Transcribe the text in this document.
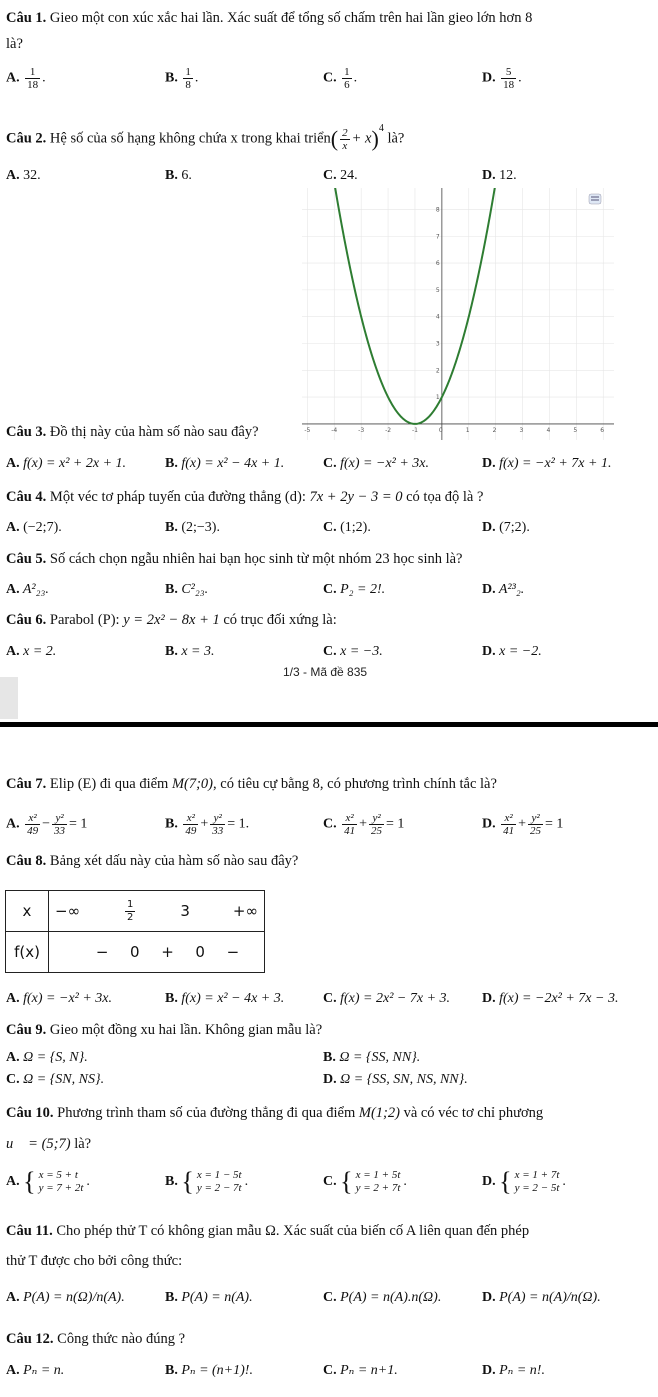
Câu 1. Gieo một con xúc xắc hai lần. Xác suất để tổng số chấm trên hai lần gieo lớn hơn 8
là?
A. $\frac{1}{18}$ .	B. $\frac{1}{8}$ .	C. $\frac{1}{6}$ .	D. $\frac{5}{18}$ .
Câu 2. Hệ số của số hạng không chứa x trong khai triển( $\frac{2}{x} + x)^4$ là?
A. 32.	B. 6.	C. 24.	D. 12.
-5	-4	-3	-2	-1	0	1	2	3	4	5	6
1
2
3
4
5
6
7
8
Câu 3. Đồ thị này của hàm số nào sau đây?
A. f(x) = x² + 2x + 1.	B. f(x) = x² − 4x + 1.	C. f(x) = −x² + 3x.	D. f(x) = −x² + 7x + 1.
Câu 4. Một véc tơ pháp tuyến của đường thẳng (d): 7x + 2y − 3 = 0 có tọa độ là ?
A. (−2;7).	B. (2;−3).	C. (1;2).	D. (7;2).
Câu 5. Số cách chọn ngẫu nhiên hai bạn học sinh từ một nhóm 23 học sinh là?
A. A²₂₃.	B. C²₂₃.	C. P₂ = 2!.	D. A²³₂.
Câu 6. Parabol (P): y = 2x² − 8x + 1 có trục đối xứng là:
A. x = 2.	B. x = 3.	C. x = −3.	D. x = −2.
1/3 - Mã đề 835
Câu 7. Elip (E) đi qua điểm M(7;0), có tiêu cự bằng 8, có phương trình chính tắc là?
A. $\frac{\text{x²}}{49} - \frac{\text{y²}}{33} = 1$	B. $\frac{\text{x²}}{49} + \frac{\text{y²}}{33} = 1$.	C. $\frac{\text{x²}}{41} + \frac{\text{y²}}{25} = 1$	D. $\frac{\text{x²}}{41} + \frac{\text{y²}}{25} = 1$
Câu 8. Bảng xét dấu này của hàm số nào sau đây?
x	−∞ $\frac{1}{2} 3$ +∞

f(x)	− 0 + 0 −
A. f(x) = −x² + 3x.	B. f(x) = x² − 4x + 3.	C. f(x) = 2x² − 7x + 3. D. f(x) = −2x² + 7x − 3.
Câu 9. Gieo một đồng xu hai lần. Không gian mẫu là?
A. Ω = {S, N}.	B. Ω = {SS, NN}.
C. Ω = {SN, NS}.	D. Ω = {SS, SN, NS, NN}.
Câu 10. Phương trình tham số của đường thẳng đi qua điểm M(1;2) và có véc tơ chỉ phương
u⃗ = (5;7) là?
A. { x = 5 + t
y = 7 + 2t .	B. { x = 1 − 5t
y = 2 − 7t .	C. { x = 1 + 5t
y = 2 + 7t .	D. { x = 1 + 7t
y = 2 − 5t .
Câu 11. Cho phép thử T có không gian mẫu Ω. Xác suất của biến cố A liên quan đến phép
thử T được cho bởi công thức:
A. P(A) = n(Ω)/n(A).	B. P(A) = n(A).	C. P(A) = n(A).n(Ω).	D. P(A) = n(A)/n(Ω).
Câu 12. Công thức nào đúng ?
A. Pₙ = n.	B. Pₙ = (n+1)!.	C. Pₙ = n+1.	D. Pₙ = n!.
